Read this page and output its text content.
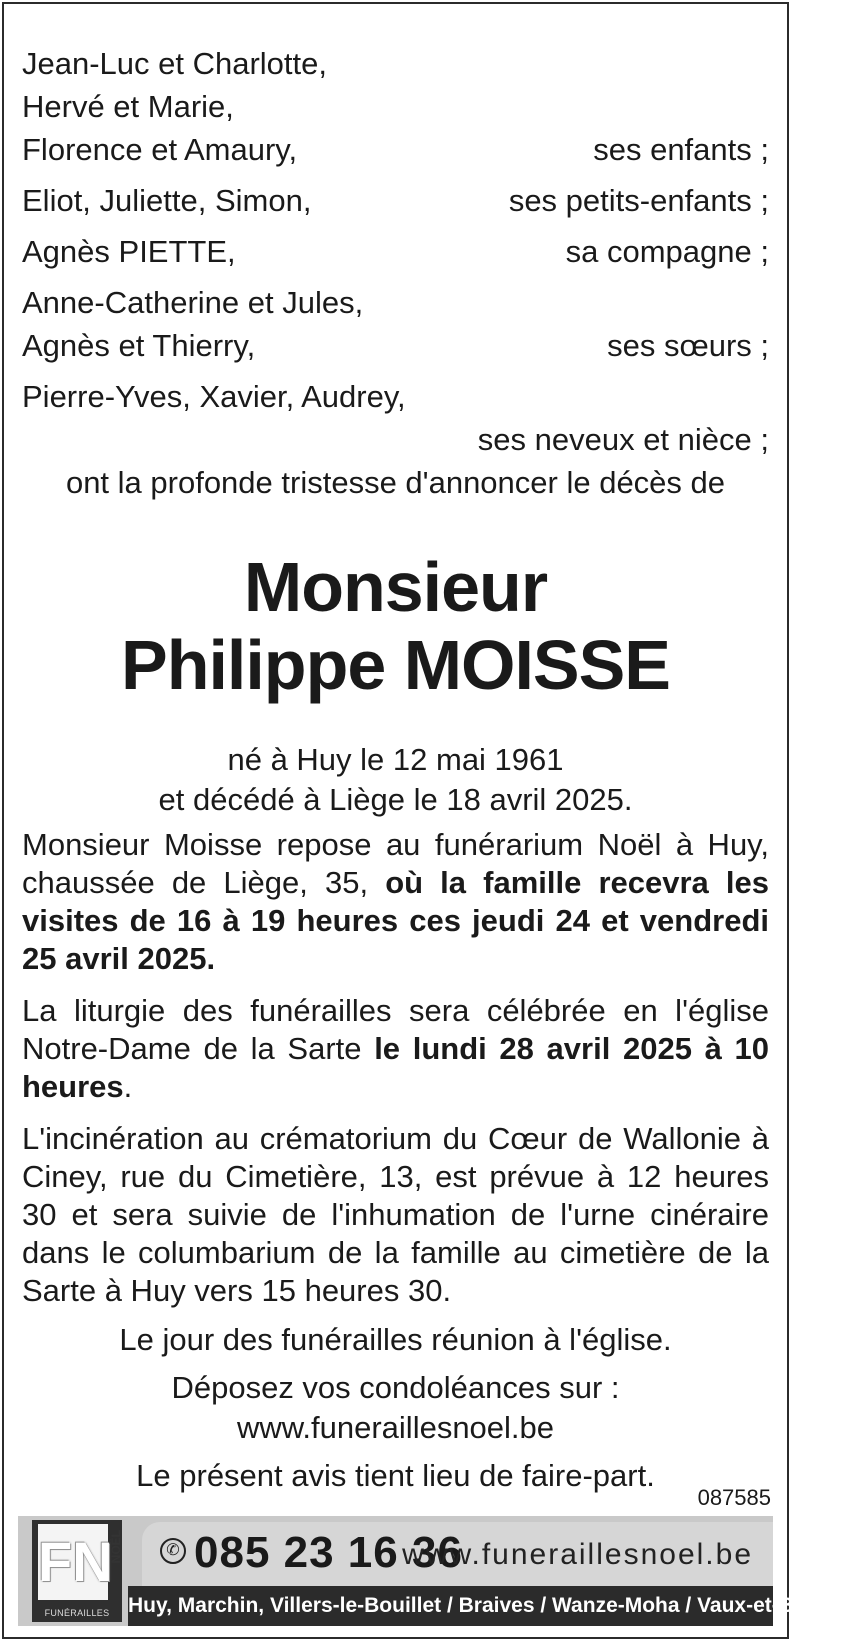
Jean-Luc et Charlotte,
Hervé et Marie,
Florence et Amaury,	ses enfants ;
Eliot, Juliette, Simon,	ses petits-enfants ;
Agnès PIETTE,	sa compagne ;
Anne-Catherine et Jules,
Agnès et Thierry,	ses sœurs ;
Pierre-Yves, Xavier, Audrey,
ses neveux et nièce ;
ont la profonde tristesse d'annoncer le décès de
Monsieur
Philippe MOISSE
né à Huy le 12 mai 1961
et décédé à Liège le 18 avril 2025.
Monsieur Moisse repose au funérarium Noël à Huy, chaussée de Liège, 35, où la famille recevra les visites de 16 à 19 heures ces jeudi 24 et vendredi 25 avril 2025.
La liturgie des funérailles sera célébrée en l'église Notre-Dame de la Sarte le lundi 28 avril 2025 à 10 heures.
L'incinération au crématorium du Cœur de Wallonie à Ciney, rue du Cimetière, 13, est prévue à 12 heures 30 et sera suivie de l'inhumation de l'urne cinéraire dans le columbarium de la famille au cimetière de la Sarte à Huy vers 15 heures 30.
Le jour des funérailles réunion à l'église.
Déposez vos condoléances sur :
www.funeraillesnoel.be
Le présent avis tient lieu de faire-part.
087585
FN
NOËL
FUNÉRAILLES
✆ 085 23 16 36
www.funeraillesnoel.be
Huy, Marchin, Villers-le-Bouillet / Braives / Wanze-Moha / Vaux-et-Borset
